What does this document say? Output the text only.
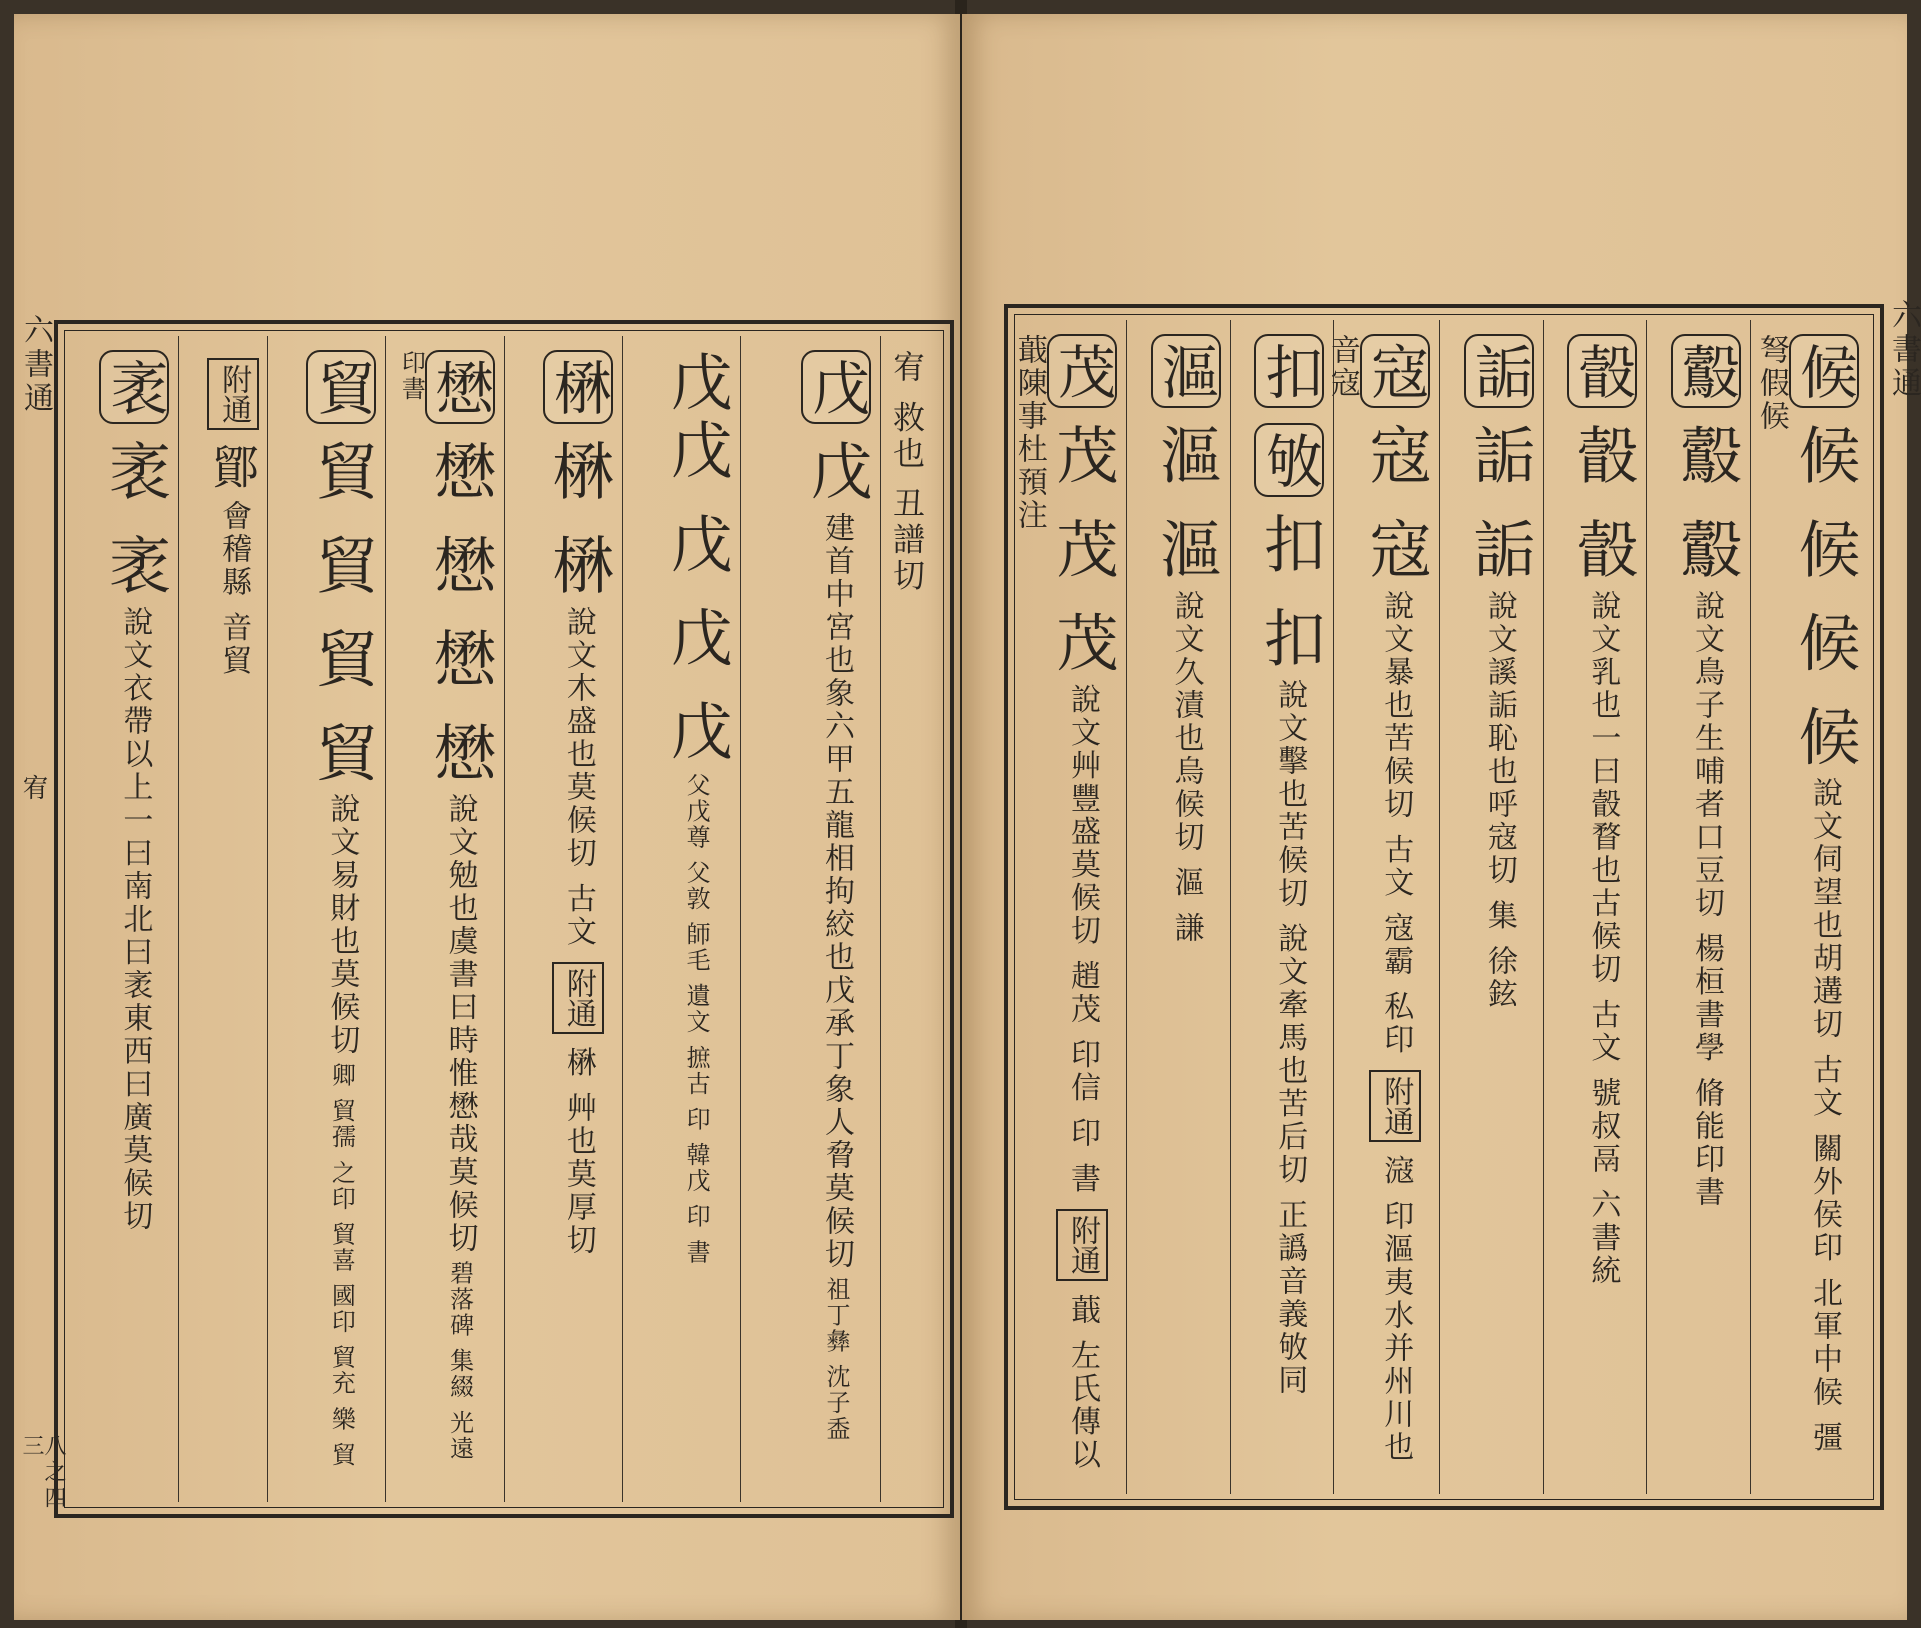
六書通
宥
八之四三
宥 救也 丑譜切
戊 戊 建首中宮也象六甲五龍相拘絞也戊承丁象人脅莫候切 祖丁彝 沈子盉
戊戊 戊 戊 戊 父戊尊 父敦 師毛 遺文 摭古 印 韓戊 印 書
楙 楙 楙 說文木盛也莫候切 古文 附通 楙 艸也莫厚切
懋 懋 懋 懋 懋 說文勉也虞書曰時惟懋哉莫候切 碧落碑 集綴 光遠 印書
貿 貿 貿 貿 貿 說文易財也莫候切 卿 貿孺 之印 貿喜 國印 貿充 樂 貿
附通 鄮 會稽縣 音貿
袤 袤 袤 說文衣帶以上一曰南北曰袤東西曰廣莫候切
六書通
候 候 候 候 候 說文伺望也胡遘切 古文 關外侯印 北軍中候 彊弩假候
鷇 鷇 鷇 說文鳥子生哺者口豆切 楊桓書學 脩能印書
瞉 瞉 瞉 說文乳也一曰瞉瞀也古候切 古文 號叔鬲 六書統
詬 詬 詬 說文謑詬恥也呼寇切 集 徐鉉
寇 寇 寇 說文暴也苦候切 古文 寇霸 私印 附通 滱 印漚夷水并州川也音寇
扣 敂 扣 扣 說文擊也苦候切 說文牽馬也苦后切 正譌音義敂同
漚 漚 漚 說文久漬也烏候切 漚 謙
茂 茂 茂 茂 說文艸豐盛莫候切 趙茂 印信 印 書 附通 蕺 左氏傳以蕺陳事杜預注
